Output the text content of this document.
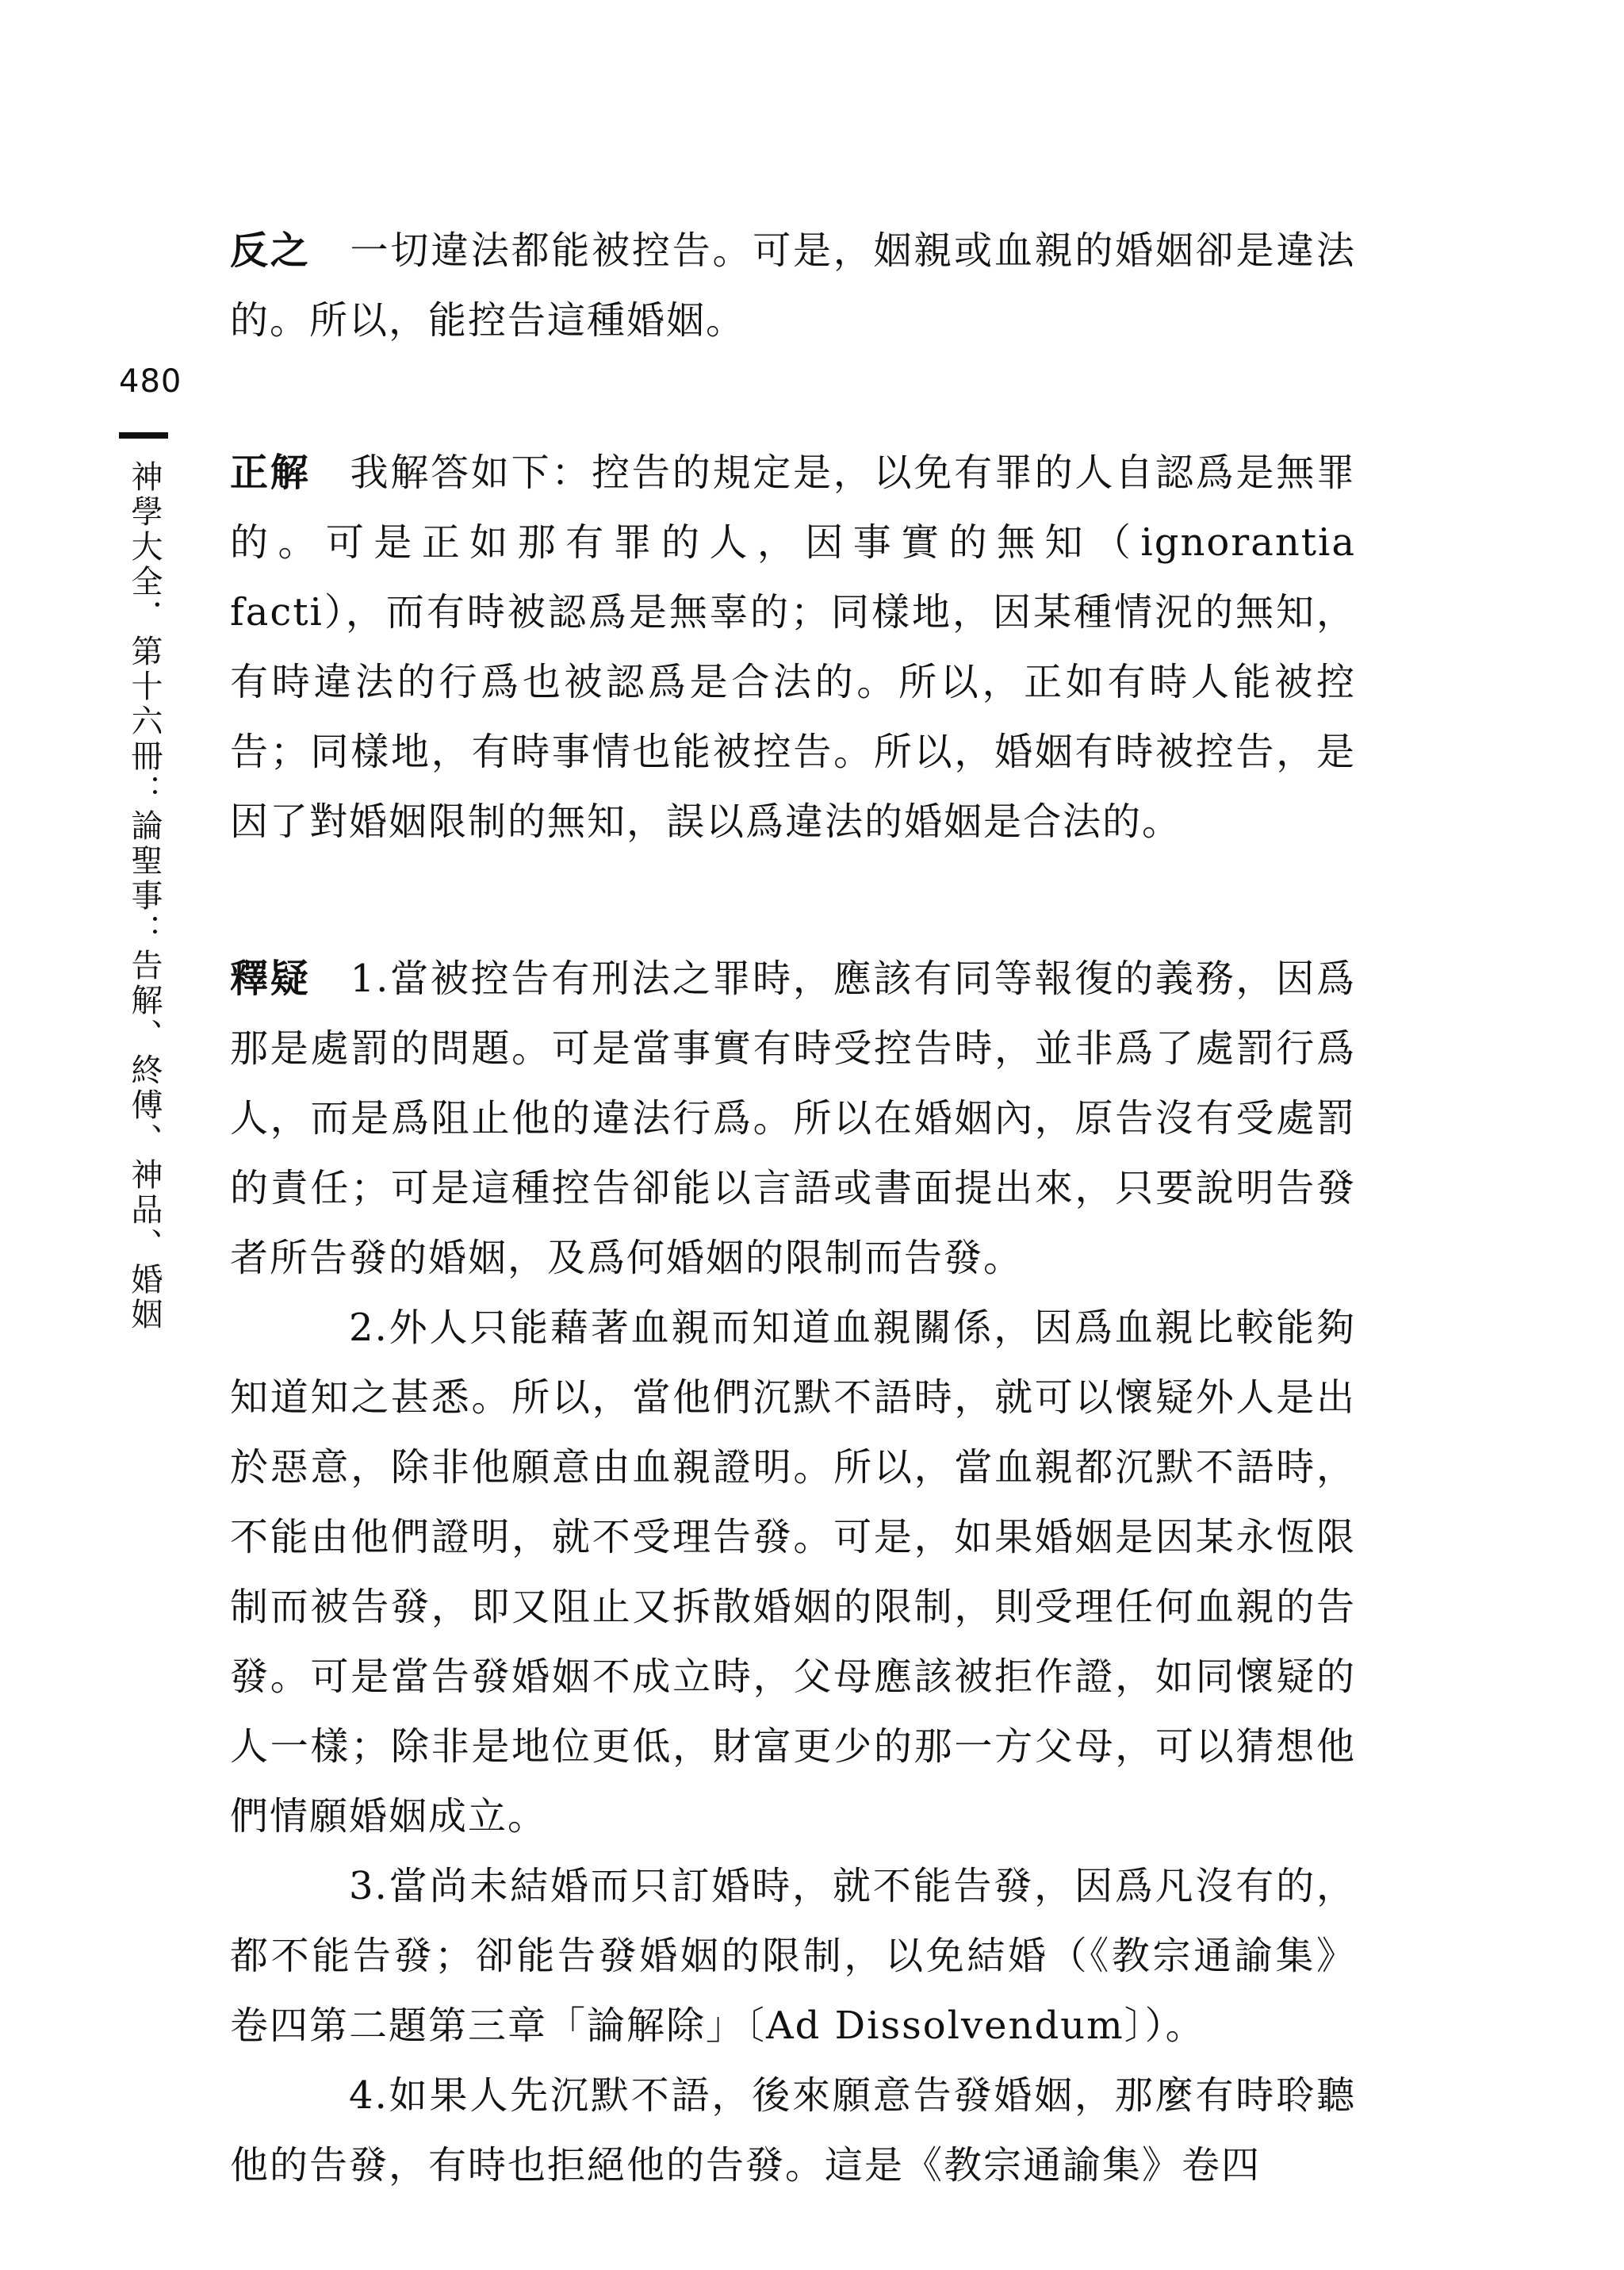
480
神學大全．第十六冊：論聖事：告解、終傅、神品、婚姻

反之 一切違法都能被控告。可是，姻親或血親的婚姻卻是違法的。所以，能控告這種婚姻。

正解 我解答如下：控告的規定是，以免有罪的人自認爲是無罪的。可是正如那有罪的人，因事實的無知（ignorantia facti），而有時被認爲是無辜的；同樣地，因某種情況的無知，有時違法的行爲也被認爲是合法的。所以，正如有時人能被控告；同樣地，有時事情也能被控告。所以，婚姻有時被控告，是因了對婚姻限制的無知，誤以爲違法的婚姻是合法的。

釋疑 1.當被控告有刑法之罪時，應該有同等報復的義務，因爲那是處罰的問題。可是當事實有時受控告時，並非爲了處罰行爲人，而是爲阻止他的違法行爲。所以在婚姻內，原告沒有受處罰的責任；可是這種控告卻能以言語或書面提出來，只要說明告發者所告發的婚姻，及爲何婚姻的限制而告發。

2.外人只能藉著血親而知道血親關係，因爲血親比較能夠知道知之甚悉。所以，當他們沉默不語時，就可以懷疑外人是出於惡意，除非他願意由血親證明。所以，當血親都沉默不語時，不能由他們證明，就不受理告發。可是，如果婚姻是因某永恆限制而被告發，即又阻止又拆散婚姻的限制，則受理任何血親的告發。可是當告發婚姻不成立時，父母應該被拒作證，如同懷疑的人一樣；除非是地位更低，財富更少的那一方父母，可以猜想他們情願婚姻成立。

3.當尚未結婚而只訂婚時，就不能告發，因爲凡沒有的，都不能告發；卻能告發婚姻的限制，以免結婚（《教宗通諭集》卷四第二題第三章「論解除」〔Ad Dissolvendum〕）。

4.如果人先沉默不語，後來願意告發婚姻，那麼有時聆聽他的告發，有時也拒絕他的告發。這是《教宗通諭集》卷四
